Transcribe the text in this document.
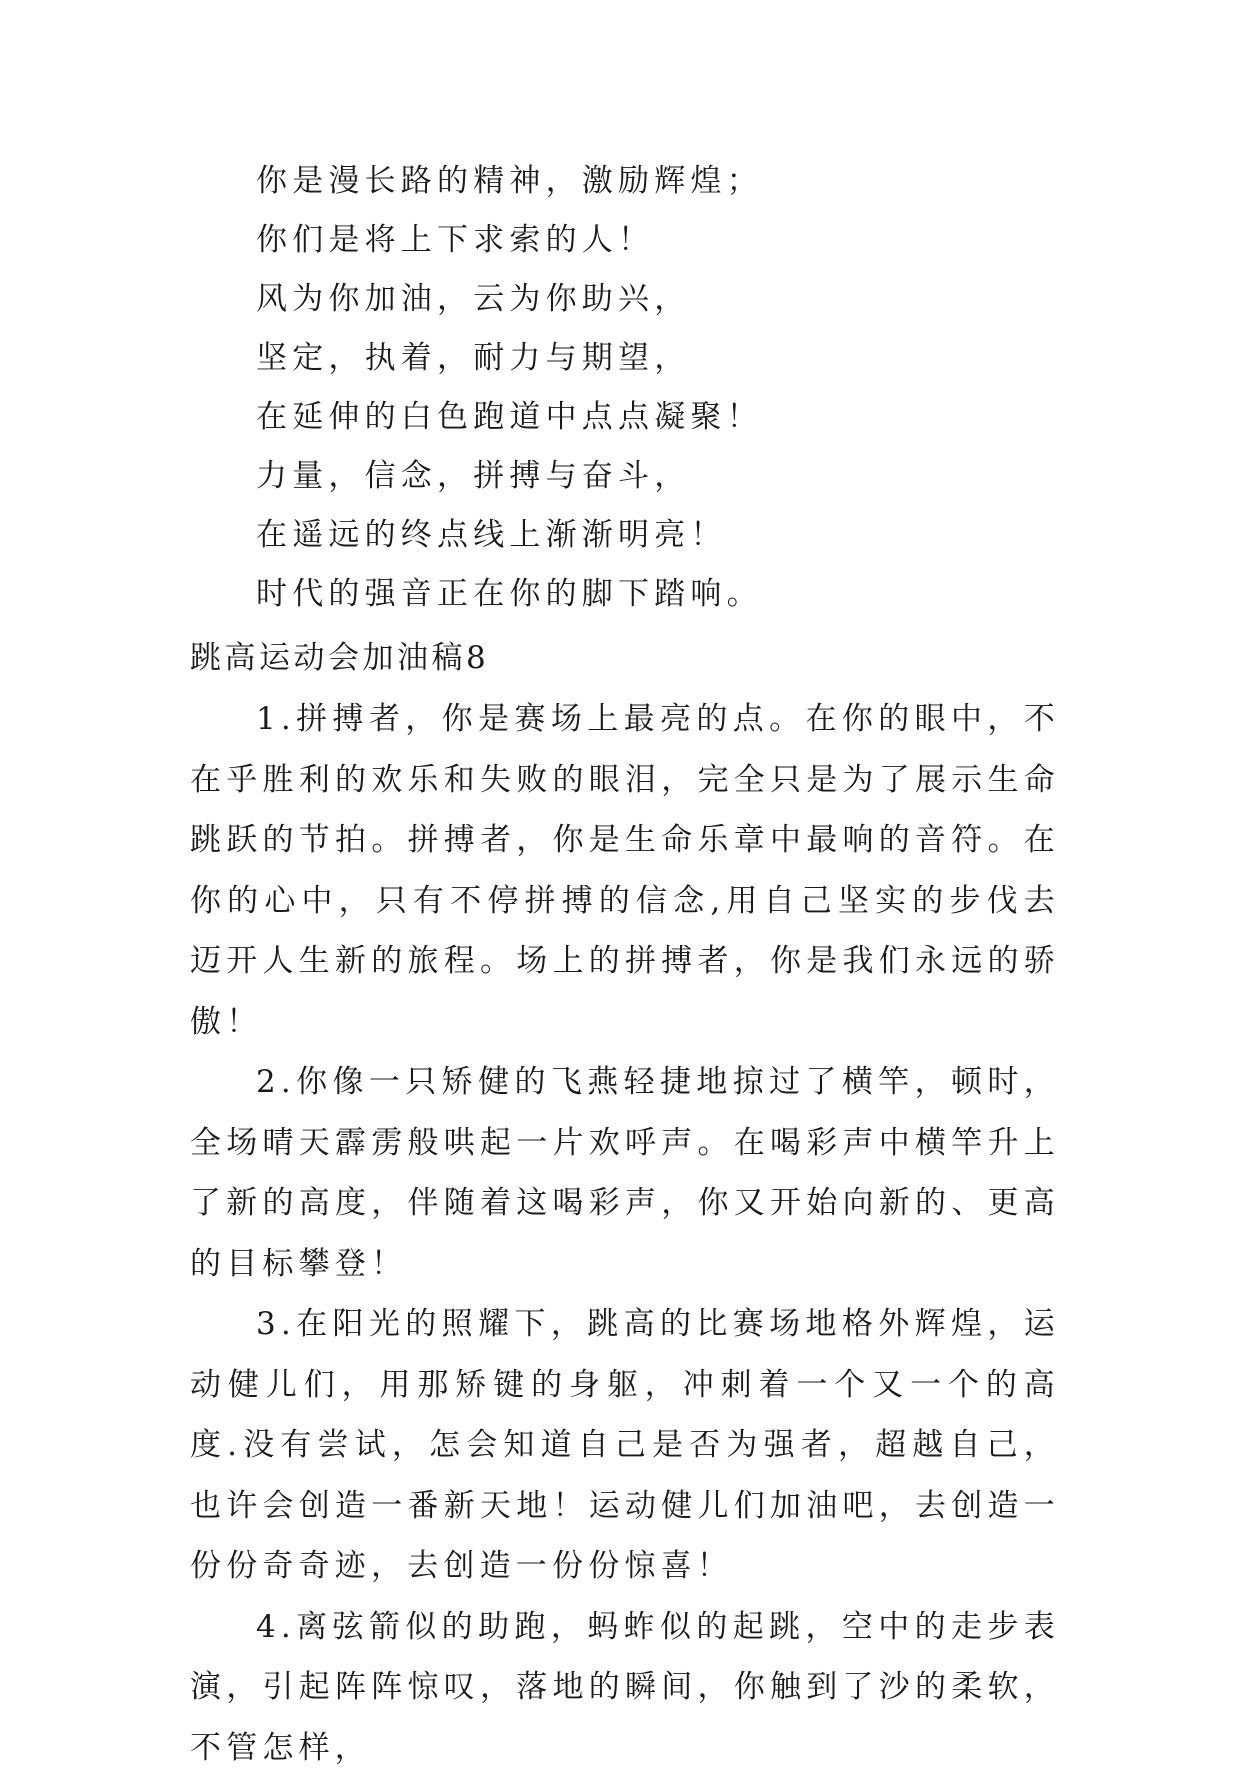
你是漫长路的精神，激励辉煌；
你们是将上下求索的人！
风为你加油，云为你助兴，
坚定，执着，耐力与期望，
在延伸的白色跑道中点点凝聚！
力量，信念，拼搏与奋斗，
在遥远的终点线上渐渐明亮！
时代的强音正在你的脚下踏响。
跳高运动会加油稿8

1.拼搏者，你是赛场上最亮的点。在你的眼中，不在乎胜利的欢乐和失败的眼泪，完全只是为了展示生命跳跃的节拍。拼搏者，你是生命乐章中最响的音符。在你的心中，只有不停拼搏的信念,用自己坚实的步伐去迈开人生新的旅程。场上的拼搏者，你是我们永远的骄傲！

2.你像一只矫健的飞燕轻捷地掠过了横竿，顿时，全场晴天霹雳般哄起一片欢呼声。在喝彩声中横竿升上了新的高度，伴随着这喝彩声，你又开始向新的、更高的目标攀登！

3.在阳光的照耀下，跳高的比赛场地格外辉煌，运动健儿们，用那矫键的身躯，冲刺着一个又一个的高度.没有尝试，怎会知道自己是否为强者，超越自己，也许会创造一番新天地！运动健儿们加油吧，去创造一份份奇奇迹，去创造一份份惊喜！

4.离弦箭似的助跑，蚂蚱似的起跳，空中的走步表演，引起阵阵惊叹，落地的瞬间，你触到了沙的柔软，不管怎样，
